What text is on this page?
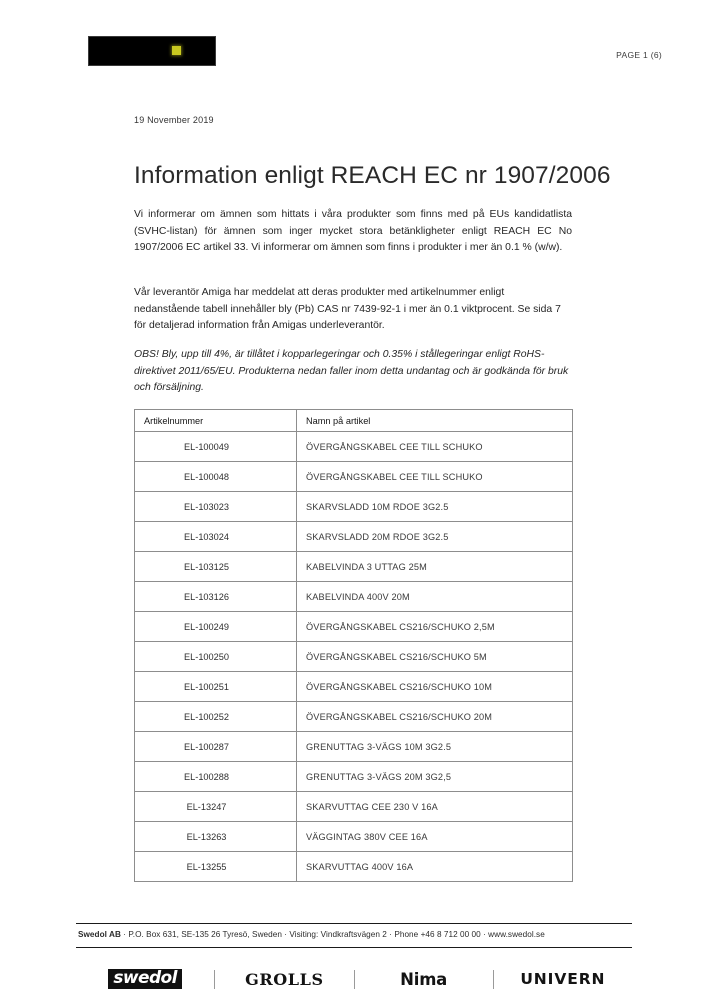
PAGE 1 (6)
19 November 2019
Information enligt REACH EC nr 1907/2006

Vi informerar om ämnen som hittats i våra produkter som finns med på EUs kandidatlista (SVHC-listan) för ämnen som inger mycket stora betänkligheter enligt REACH EC No 1907/2006 EC artikel 33. Vi informerar om ämnen som finns i produkter i mer än 0.1 % (w/w).

Vår leverantör Amiga har meddelat att deras produkter med artikelnummer enligt nedanstående tabell innehåller bly (Pb) CAS nr 7439-92-1 i mer än 0.1 viktprocent. Se sida 7 för detaljerad information från Amigas underleverantör.

OBS! Bly, upp till 4%, är tillåtet i kopparlegeringar och 0.35% i stållegeringar enligt RoHS-direktivet 2011/65/EU. Produkterna nedan faller inom detta undantag och är godkända för bruk och försäljning.

Artikelnummer	Namn på artikel
EL-100049	ÖVERGÅNGSKABEL CEE TILL SCHUKO
EL-100048	ÖVERGÅNGSKABEL CEE TILL SCHUKO
EL-103023	SKARVSLADD 10M RDOE 3G2.5
EL-103024	SKARVSLADD 20M RDOE 3G2.5
EL-103125	KABELVINDA 3 UTTAG 25M
EL-103126	KABELVINDA 400V 20M
EL-100249	ÖVERGÅNGSKABEL CS216/SCHUKO 2,5M
EL-100250	ÖVERGÅNGSKABEL CS216/SCHUKO 5M
EL-100251	ÖVERGÅNGSKABEL CS216/SCHUKO 10M
EL-100252	ÖVERGÅNGSKABEL CS216/SCHUKO 20M
EL-100287	GRENUTTAG 3-VÄGS 10M 3G2.5
EL-100288	GRENUTTAG 3-VÄGS 20M 3G2,5
EL-13247	SKARVUTTAG CEE 230 V 16A
EL-13263	VÄGGINTAG 380V CEE 16A
EL-13255	SKARVUTTAG 400V 16A
Swedol AB · P.O. Box 631, SE-135 26 Tyresö, Sweden · Visiting: Vindkraftsvägen 2 · Phone +46 8 712 00 00 · www.swedol.se
swedol	GROLLS	Nima	UNIVERN
